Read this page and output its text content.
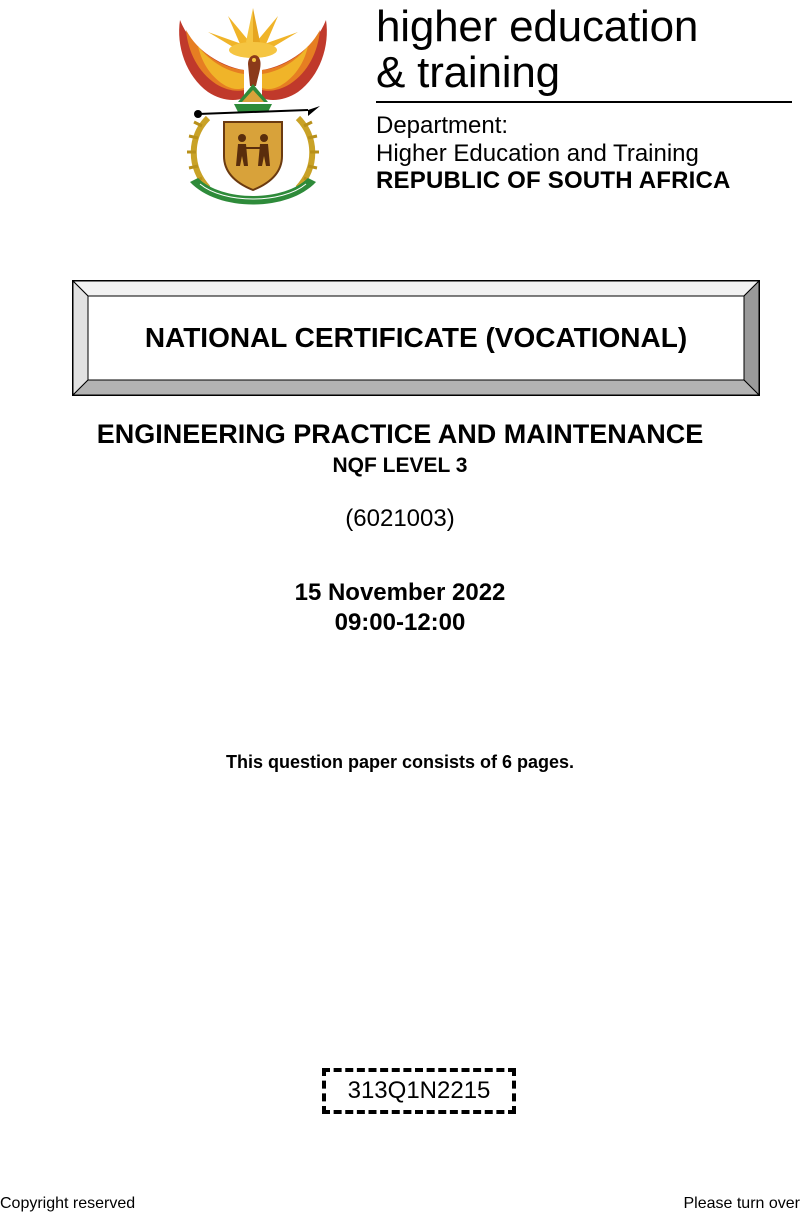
higher education
& training
Department:
Higher Education and Training
REPUBLIC OF SOUTH AFRICA
NATIONAL CERTIFICATE (VOCATIONAL)
ENGINEERING PRACTICE AND MAINTENANCE
NQF LEVEL 3
(6021003)
15 November 2022
09:00-12:00
This question paper consists of 6 pages.
313Q1N2215
Copyright reserved	Please turn over
